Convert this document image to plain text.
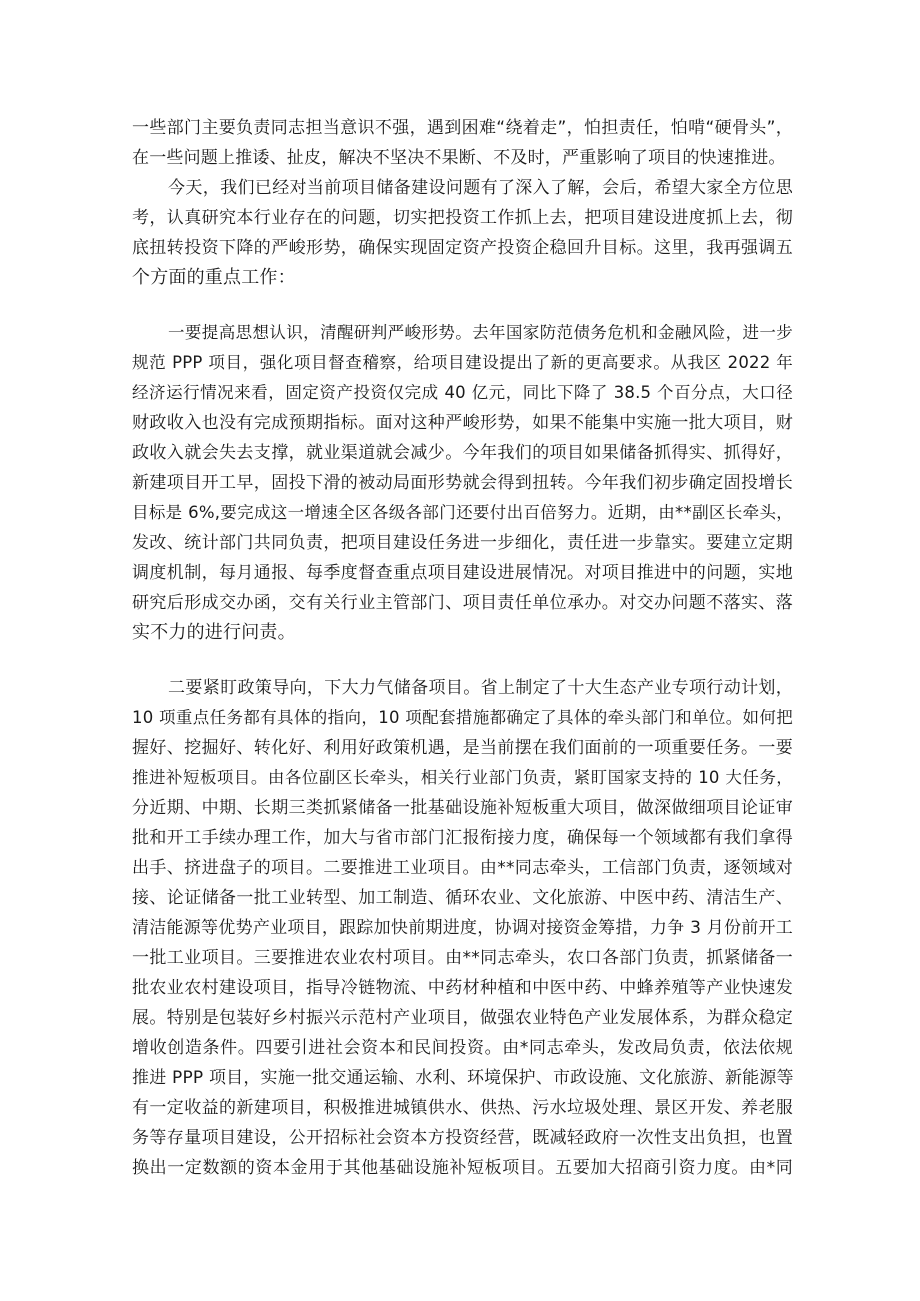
一些部门主要负责同志担当意识不强，遇到困难“绕着走”，怕担责任，怕啃“硬骨头”，
在一些问题上推诿、扯皮，解决不坚决不果断、不及时，严重影响了项目的快速推进。
今天，我们已经对当前项目储备建设问题有了深入了解，会后，希望大家全方位思
考，认真研究本行业存在的问题，切实把投资工作抓上去，把项目建设进度抓上去，彻
底扭转投资下降的严峻形势，确保实现固定资产投资企稳回升目标。这里，我再强调五
个方面的重点工作：
一要提高思想认识，清醒研判严峻形势。去年国家防范债务危机和金融风险，进一步
规范 PPP 项目，强化项目督查稽察，给项目建设提出了新的更高要求。从我区 2022 年
经济运行情况来看，固定资产投资仅完成 40 亿元，同比下降了 38.5 个百分点，大口径
财政收入也没有完成预期指标。面对这种严峻形势，如果不能集中实施一批大项目，财
政收入就会失去支撑，就业渠道就会减少。今年我们的项目如果储备抓得实、抓得好，
新建项目开工早，固投下滑的被动局面形势就会得到扭转。今年我们初步确定固投增长
目标是 6%,要完成这一增速全区各级各部门还要付出百倍努力。近期，由**副区长牵头，
发改、统计部门共同负责，把项目建设任务进一步细化，责任进一步靠实。要建立定期
调度机制，每月通报、每季度督查重点项目建设进展情况。对项目推进中的问题，实地
研究后形成交办函，交有关行业主管部门、项目责任单位承办。对交办问题不落实、落
实不力的进行问责。
二要紧盯政策导向，下大力气储备项目。省上制定了十大生态产业专项行动计划，
10 项重点任务都有具体的指向，10 项配套措施都确定了具体的牵头部门和单位。如何把
握好、挖掘好、转化好、利用好政策机遇，是当前摆在我们面前的一项重要任务。一要
推进补短板项目。由各位副区长牵头，相关行业部门负责，紧盯国家支持的 10 大任务，
分近期、中期、长期三类抓紧储备一批基础设施补短板重大项目，做深做细项目论证审
批和开工手续办理工作，加大与省市部门汇报衔接力度，确保每一个领域都有我们拿得
出手、挤进盘子的项目。二要推进工业项目。由**同志牵头，工信部门负责，逐领域对
接、论证储备一批工业转型、加工制造、循环农业、文化旅游、中医中药、清洁生产、
清洁能源等优势产业项目，跟踪加快前期进度，协调对接资金筹措，力争 3 月份前开工
一批工业项目。三要推进农业农村项目。由**同志牵头，农口各部门负责，抓紧储备一
批农业农村建设项目，指导冷链物流、中药材种植和中医中药、中蜂养殖等产业快速发
展。特别是包装好乡村振兴示范村产业项目，做强农业特色产业发展体系，为群众稳定
增收创造条件。四要引进社会资本和民间投资。由*同志牵头，发改局负责，依法依规
推进 PPP 项目，实施一批交通运输、水利、环境保护、市政设施、文化旅游、新能源等
有一定收益的新建项目，积极推进城镇供水、供热、污水垃圾处理、景区开发、养老服
务等存量项目建设，公开招标社会资本方投资经营，既减轻政府一次性支出负担，也置
换出一定数额的资本金用于其他基础设施补短板项目。五要加大招商引资力度。由*同
